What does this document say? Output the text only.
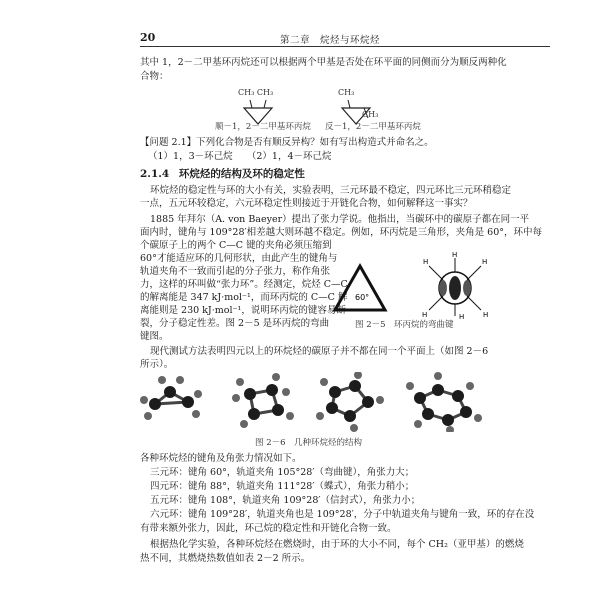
20	第二章　烷烃与环烷烃
其中 1，2－二甲基环丙烷还可以根据两个甲基是否处在环平面的同侧而分为顺反两种化
合物：
CH₃ CH₃
顺－1，2－二甲基环丙烷
CH₃
CH₃
反－1，2－二甲基环丙烷
【问题 2.1】下列化合物是否有顺反异构？如有写出构造式并命名之。
（1）1，3－环己烷　　（2）1，4－环己烷
2.1.4 环烷烃的结构及环的稳定性
环烷烃的稳定性与环的大小有关，实验表明，三元环最不稳定，四元环比三元环稍稳定
一点，五元环较稳定，六元环稳定性则接近于开链化合物，如何解释这一事实？
1885 年拜尔（A. von Baeyer）提出了张力学说。他指出，当碳环中的碳原子都在同一平
面内时，键角与 109°28′相差越大则环越不稳定。例如，环丙烷是三角形，夹角是 60°，环中每
个碳原子上的两个 C—C 键的夹角必须压缩到
60°才能适应环的几何形状，由此产生的键角与
轨道夹角不一致而引起的分子张力，称作角张
力，这样的环叫做“张力环”。经测定，烷烃 C—C
的解离能是 347 kJ·mol⁻¹，而环丙烷的 C—C 解
离能则是 230 kJ·mol⁻¹，说明环丙烷的键容易断
裂，分子稳定性差。图 2－5 是环丙烷的弯曲
键图。
60°
H	H
H
H	H
H
图 2－5　环丙烷的弯曲键
现代测试方法表明四元以上的环烷烃的碳原子并不都在同一个平面上（如图 2－6
所示）。
图 2－6　几种环烷烃的结构
各种环烷烃的键角及角张力情况如下。
三元环：键角 60°，轨道夹角 105°28′（弯曲键），角张力大；
四元环：键角 88°，轨道夹角 111°28′（蝶式），角张力稍小；
五元环：键角 108°，轨道夹角 109°28′（信封式），角张力小；
六元环：键角 109°28′，轨道夹角也是 109°28′，分子中轨道夹角与键角一致，环的存在没
有带来额外张力，因此，环己烷的稳定性和开链化合物一致。
根据热化学实验，各种环烷烃在燃烧时，由于环的大小不同，每个 CH₂（亚甲基）的燃烧
热不同，其燃烧热数值如表 2－2 所示。
